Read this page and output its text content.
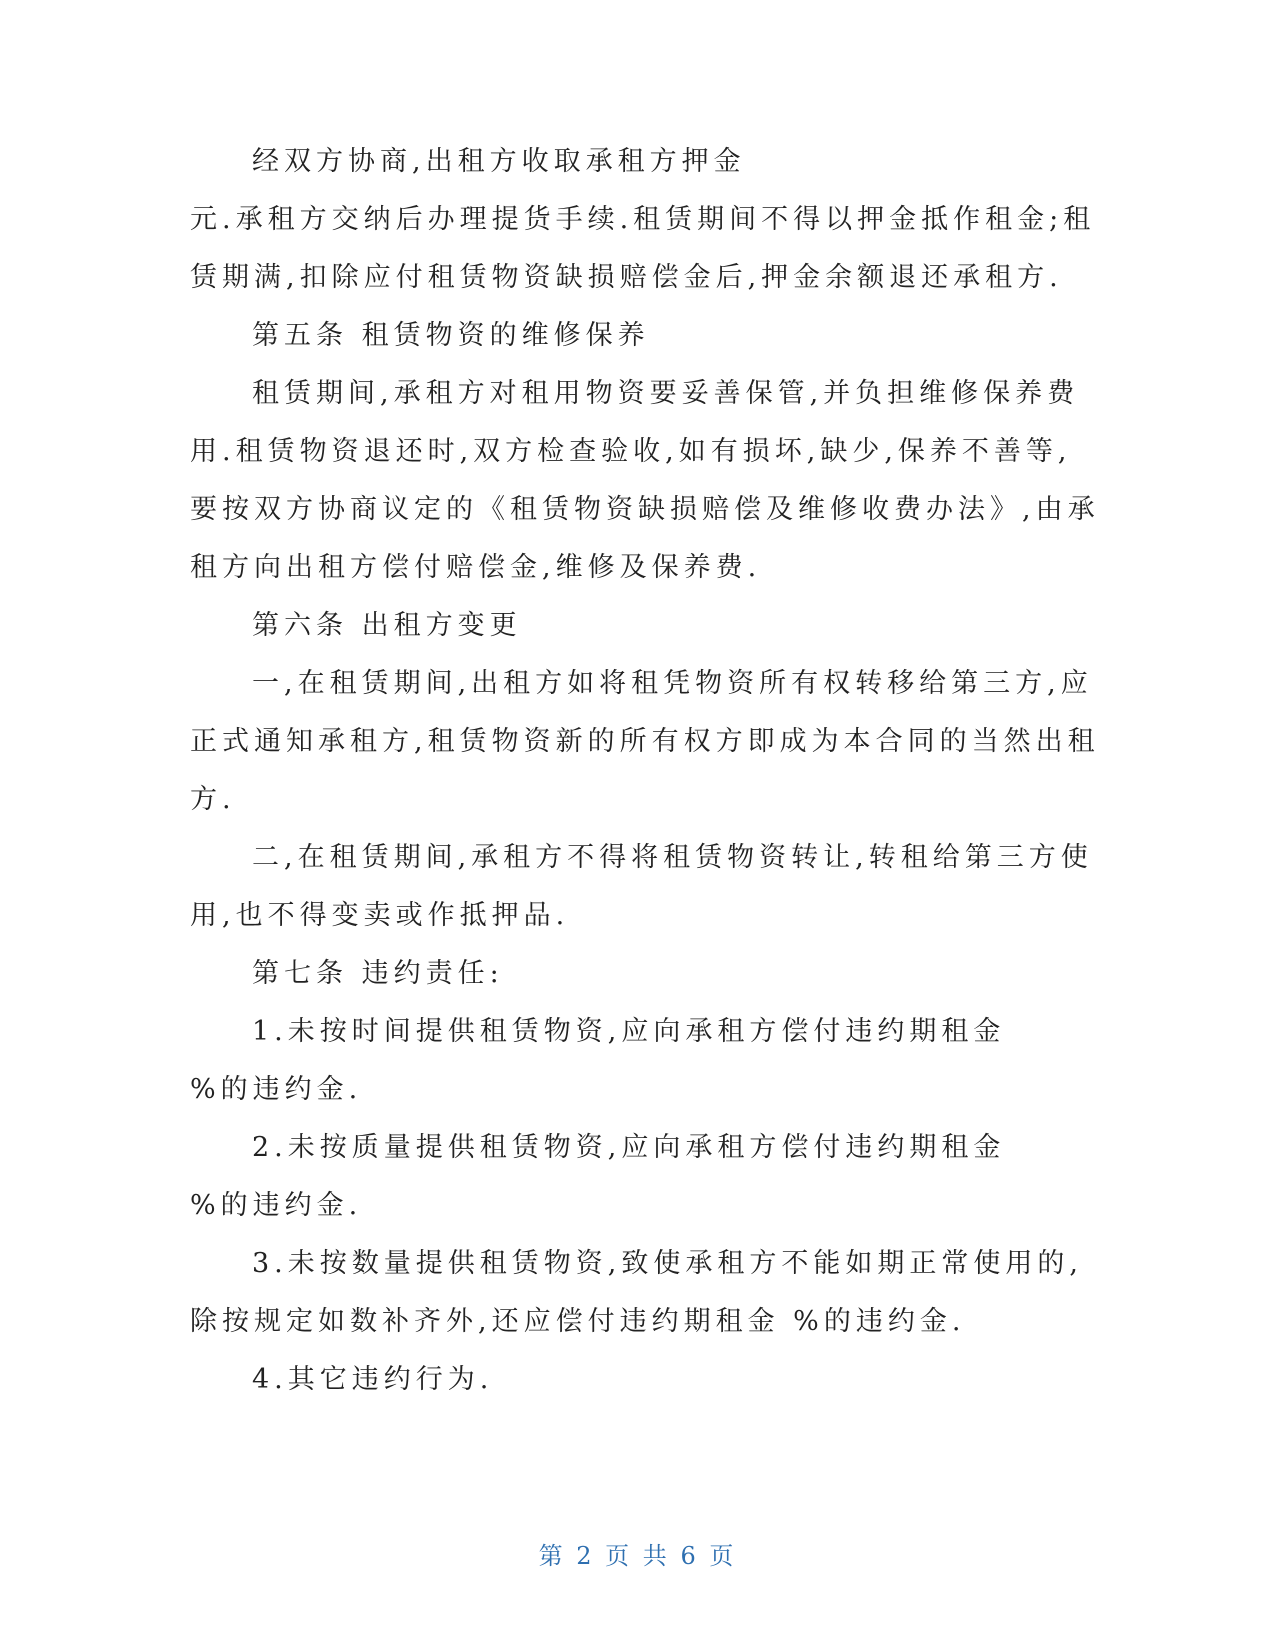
经双方协商,出租方收取承租方押金
元.承租方交纳后办理提货手续.租赁期间不得以押金抵作租金;租
赁期满,扣除应付租赁物资缺损赔偿金后,押金余额退还承租方.
第五条 租赁物资的维修保养
租赁期间,承租方对租用物资要妥善保管,并负担维修保养费
用.租赁物资退还时,双方检查验收,如有损坏,缺少,保养不善等,
要按双方协商议定的《租赁物资缺损赔偿及维修收费办法》,由承
租方向出租方偿付赔偿金,维修及保养费.
第六条 出租方变更
一,在租赁期间,出租方如将租凭物资所有权转移给第三方,应
正式通知承租方,租赁物资新的所有权方即成为本合同的当然出租
方.
二,在租赁期间,承租方不得将租赁物资转让,转租给第三方使
用,也不得变卖或作抵押品.
第七条 违约责任:
1.未按时间提供租赁物资,应向承租方偿付违约期租金
%的违约金.
2.未按质量提供租赁物资,应向承租方偿付违约期租金
%的违约金.
3.未按数量提供租赁物资,致使承租方不能如期正常使用的,
除按规定如数补齐外,还应偿付违约期租金 %的违约金.
4.其它违约行为.
第 2 页 共 6 页
